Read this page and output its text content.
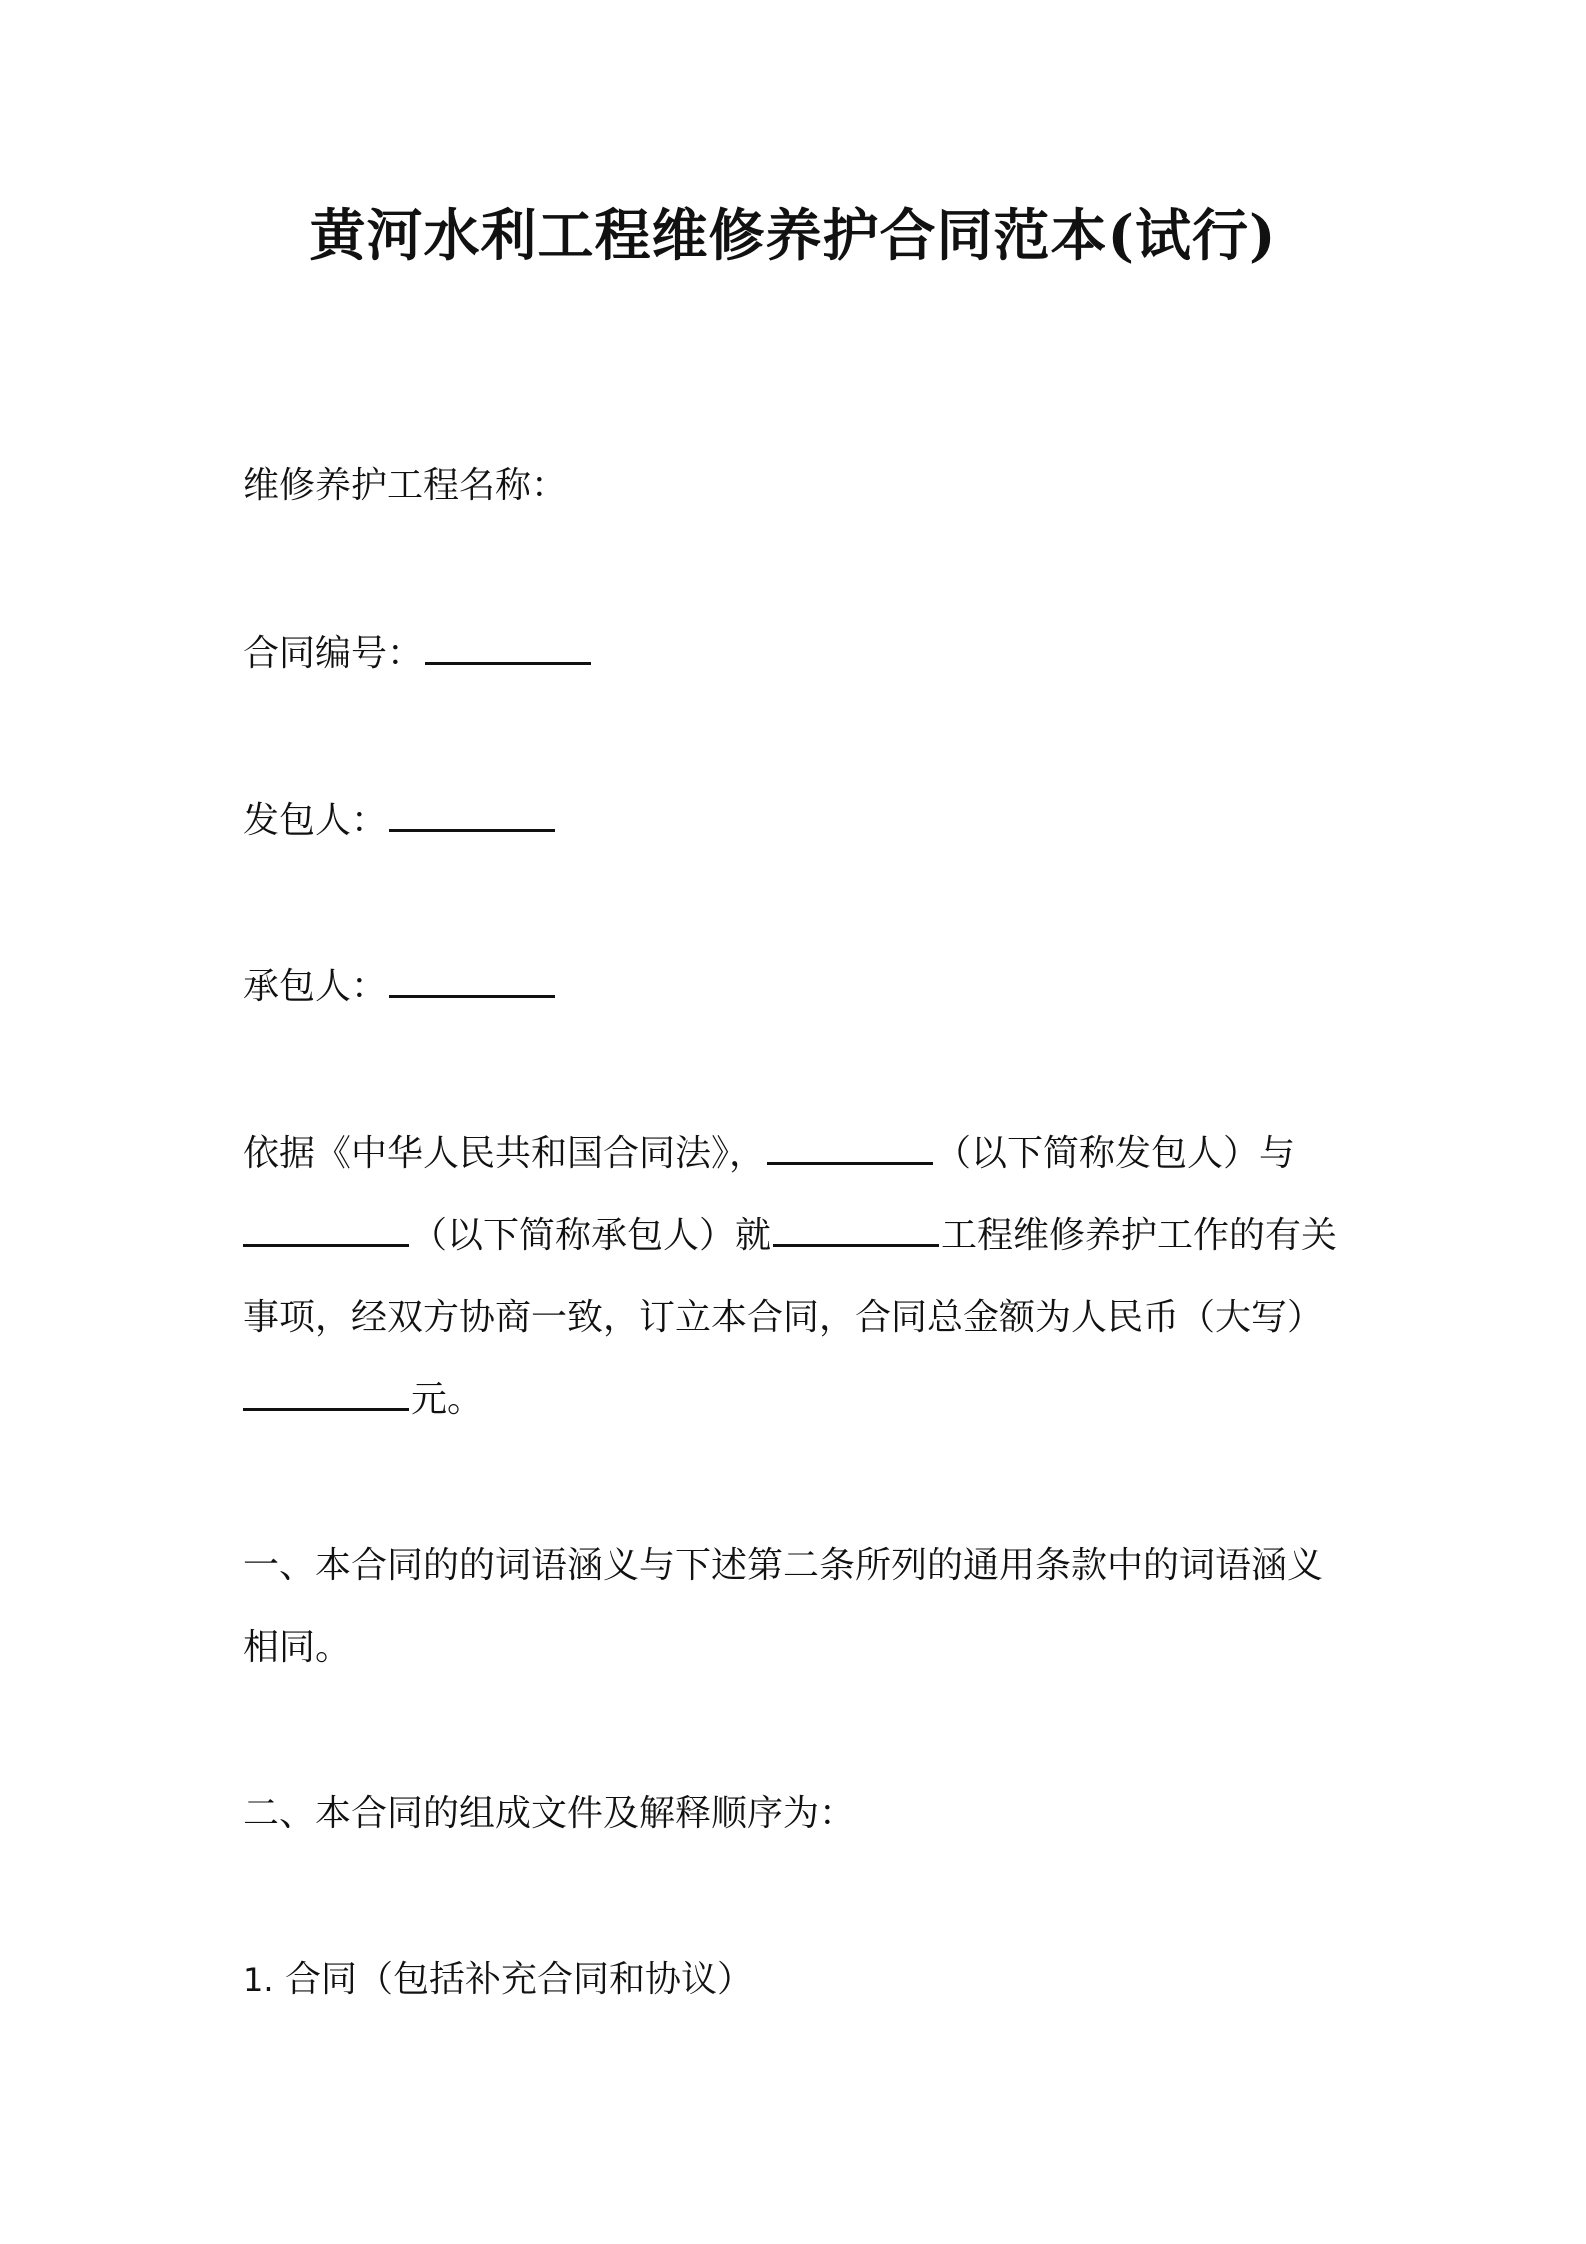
黄河水利工程维修养护合同范本(试行)

维修养护工程名称：

合同编号：

发包人：

承包人：

依据《中华人民共和国合同法》，	（以下简称发包人）与

（以下简称承包人）就	工程维修养护工作的有关

事项，经双方协商一致，订立本合同，合同总金额为人民币（大写）

元。

一、本合同的的词语涵义与下述第二条所列的通用条款中的词语涵义

相同。

二、本合同的组成文件及解释顺序为：

1. 合同（包括补充合同和协议）
